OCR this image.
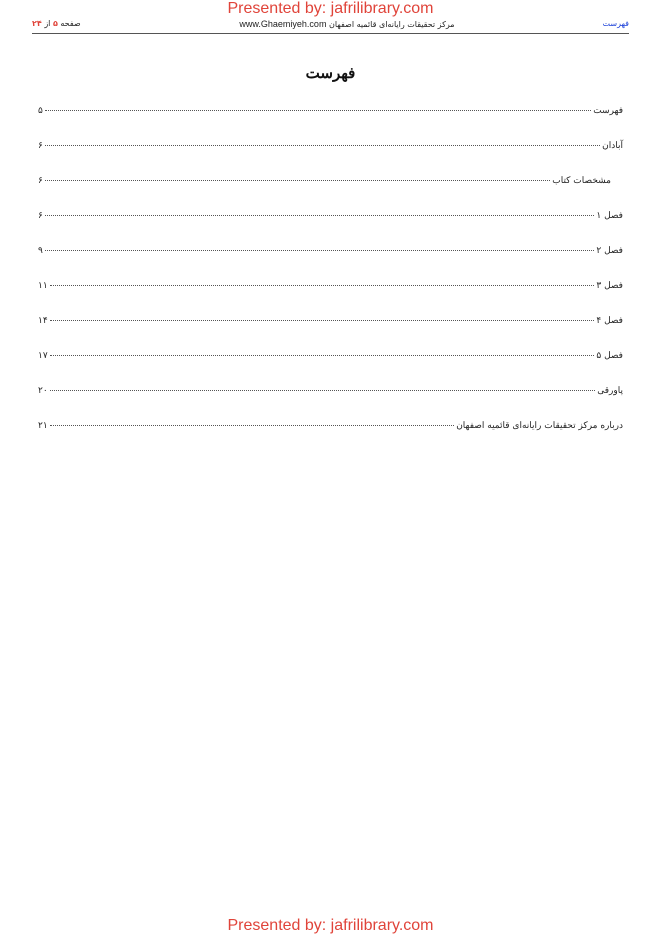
Presented by: jafrilibrary.com
صفحه ۵ از ۲۴	www.Ghaemiyeh.com مرکز تحقیقات رایانه‌ای قائمیه اصفهان	فهرست
فهرست
فهرست
۵
آبادان
۶
مشخصات کتاب
۶
فصل ۱
۶
فصل ۲
۹
فصل ۳
۱۱
فصل ۴
۱۴
فصل ۵
۱۷
پاورقی
۲۰
درباره مرکز تحقیقات رایانه‌ای قائمیه اصفهان
۲۱
Presented by: jafrilibrary.com
